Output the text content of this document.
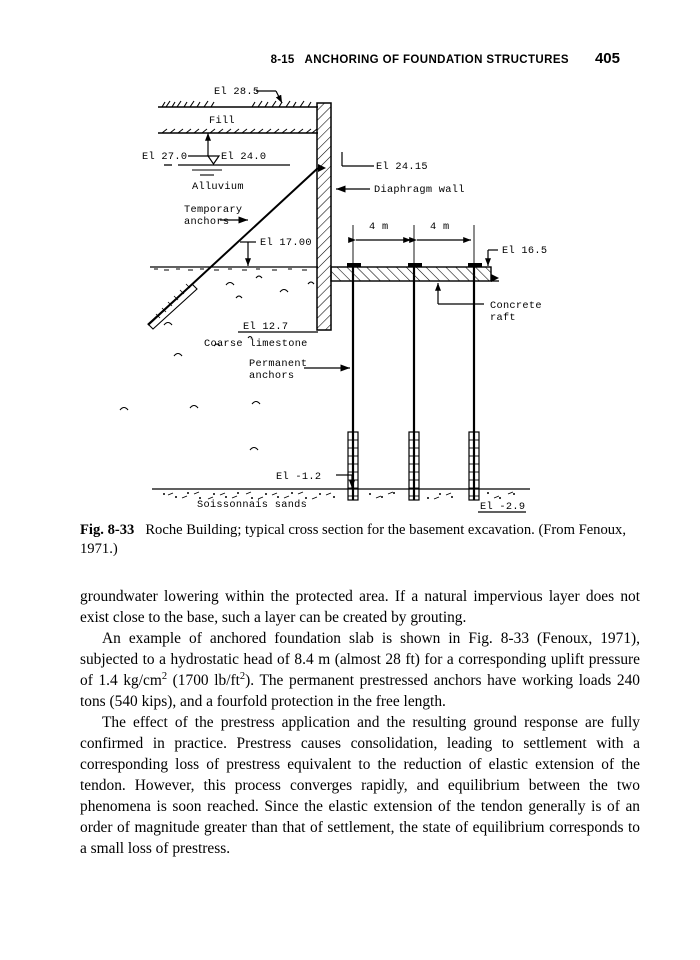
8-15 ANCHORING OF FOUNDATION STRUCTURES 405
El 28.5
Fill
El 27.0	El 24.0
El 24.15
Alluvium	Diaphragm wall
Temporary
anchors
El 17.00
El 12.7
4 m	4 m
El 16.5
Concrete
raft
Coarse limestone
Permanent
anchors
El -1.2
Soissonnais sands	El -2.9
Fig. 8-33 Roche Building; typical cross section for the basement excavation. (From Fenoux, 1971.)

groundwater lowering within the protected area. If a natural impervious layer does not exist close to the base, such a layer can be created by grouting.

An example of anchored foundation slab is shown in Fig. 8-33 (Fenoux, 1971), subjected to a hydrostatic head of 8.4 m (almost 28 ft) for a corresponding uplift pressure of 1.4 $kg/cm^2$ (1700 $lb/ft^2$). The permanent prestressed anchors have working loads 240 tons (540 kips), and a fourfold protection in the free length.

The effect of the prestress application and the resulting ground response are fully confirmed in practice. Prestress causes consolidation, leading to settlement with a corresponding loss of prestress equivalent to the reduction of elastic extension of the tendon. However, this process converges rapidly, and equilibrium between the two phenomena is soon reached. Since the elastic extension of the tendon generally is of an order of magnitude greater than that of settlement, the state of equilibrium corresponds to a small loss of prestress.
